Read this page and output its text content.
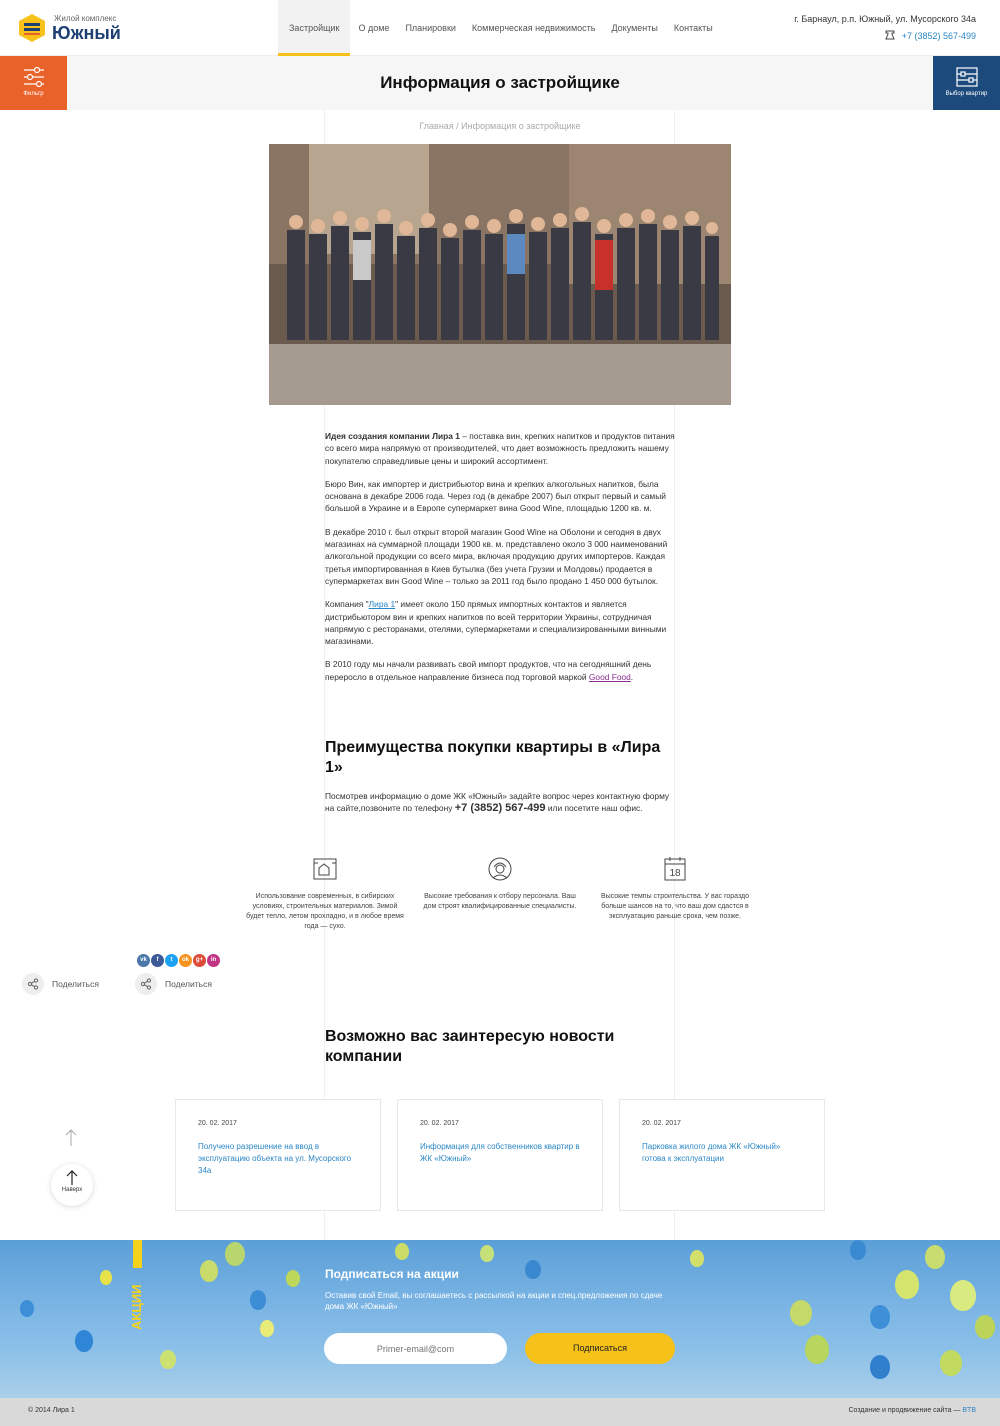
Жилой комплекс
Южный	Застройщик	О доме	Планировки	Коммерческая недвижимость	Документы	Контакты
г. Барнаул, р.п. Южный, ул. Мусорского 34а
+7 (3852) 567-499
Фильтр
Информация о застройщике
Выбор квартир
Главная / Информация о застройщике

Идея создания компании Лира 1 – поставка вин, крепких напитков и продуктов питания со всего мира напрямую от производителей, что дает возможность предложить нашему покупателю справедливые цены и широкий ассортимент.

Бюро Вин, как импортер и дистрибьютор вина и крепких алкогольных напитков, была основана в декабре 2006 года. Через год (в декабре 2007) был открыт первый и самый большой в Украине и в Европе супермаркет вина Good Wine, площадью 1200 кв. м.

В декабре 2010 г. был открыт второй магазин Good Wine на Оболони и сегодня в двух магазинах на суммарной площади 1900 кв. м. представлено около 3 000 наименований алкогольной продукции со всего мира, включая продукцию других импортеров. Каждая третья импортированная в Киев бутылка (без учета Грузии и Молдовы) продается в супермаркетах вин Good Wine – только за 2011 год было продано 1 450 000 бутылок.

Компания "Лира 1" имеет около 150 прямых импортных контактов и является дистрибьютором вин и крепких напитков по всей территории Украины, сотрудничая напрямую с ресторанами, отелями, супермаркетами и специализированными винными магазинами.

В 2010 году мы начали развивать свой импорт продуктов, что на сегодняшний день переросло в отдельное направление бизнеса под торговой маркой Good Food.

Преимущества покупки квартиры в «Лира 1»
Посмотрев информацию о доме ЖК «Южный» задайте вопрос через контактную форму на сайте,позвоните по телефону +7 (3852) 567-499 или посетите наш офис.
Использование современных, в сибирских условиях, строительных материалов. Зимой будет тепло, летом прохладно, и в любое время года — сухо.
Высокие требования к отбору персонала. Ваш дом строят квалифицированные специалисты.
18
Высокие темпы строительства. У вас гораздо больше шансов на то, что ваш дом сдастся в эксплуатацию раньше срока, чем позже.
vk	f	t	ok	g+	in
Поделиться	Поделиться
Возможно вас заинтересую новости компании
20. 02. 2017
Получено разрешение на ввод в эксплуатацию объекта на ул. Мусорского 34а
20. 02. 2017
Информация для собственников квартир в ЖК «Южный»
20. 02. 2017
Парковка жилого дома ЖК «Южный» готова к эксплуатации
Наверх
АКЦИИ
Подписаться на акции
Оставив свой Email, вы соглашаетесь с рассылкой на акции и спец.предложения по сдаче дома ЖК «Южный»
Primer-email@com
Подписаться
© 2014 Лира 1	Создание и продвижение сайта — BTB
